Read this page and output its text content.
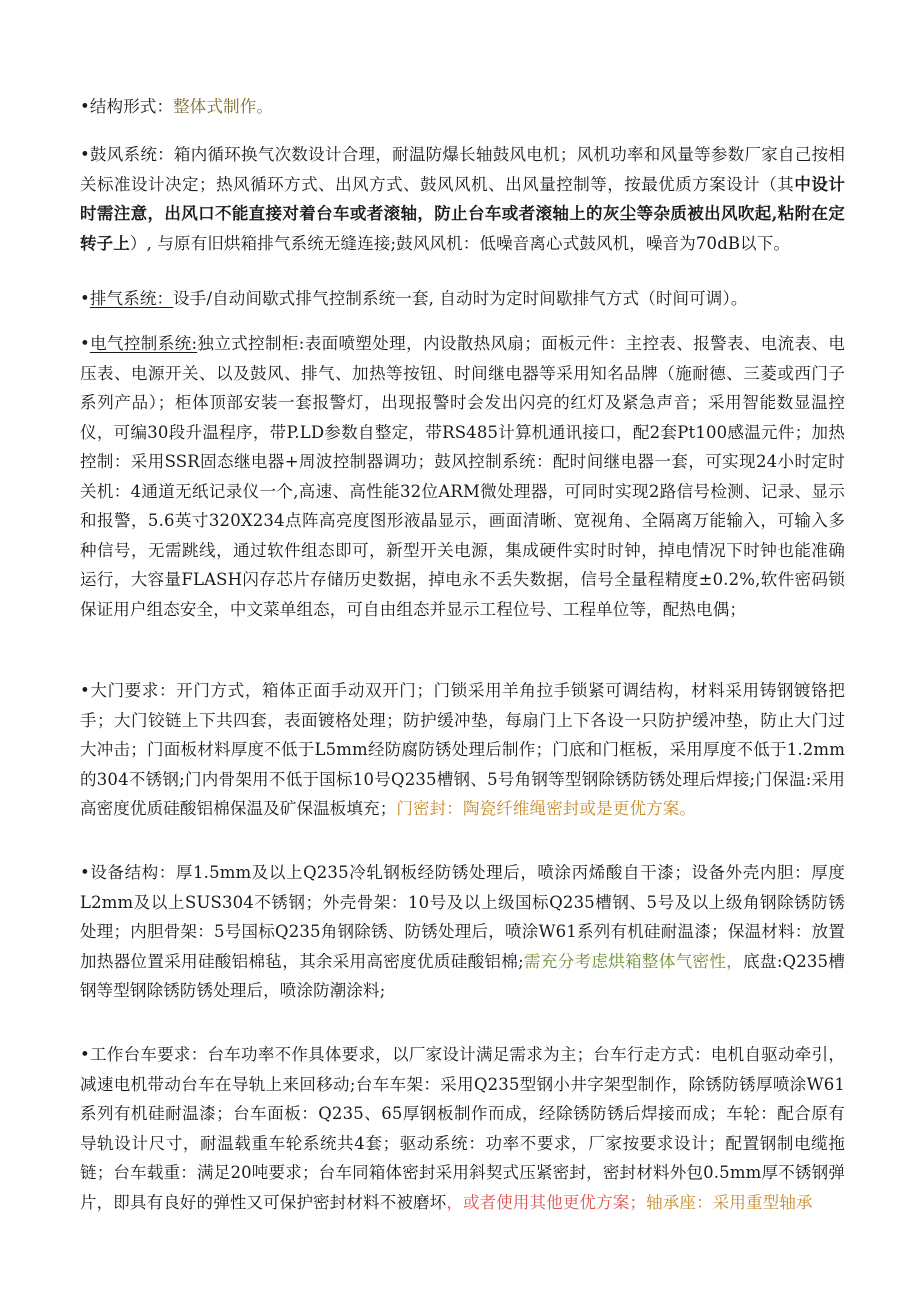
•结构形式：整体式制作。

•鼓风系统：箱内循环换气次数设计合理，耐温防爆长轴鼓风电机；风机功率和风量等参数厂家自己按相关标准设计决定；热风循环方式、出风方式、鼓风风机、出风量控制等，按最优质方案设计（其中设计时需注意，出风口不能直接对着台车或者滚轴，防止台车或者滚轴上的灰尘等杂质被出风吹起,粘附在定转子上）, 与原有旧烘箱排气系统无缝连接;鼓风风机：低噪音离心式鼓风机，噪音为70dB以下。

•排气系统：设手/自动间歇式排气控制系统一套, 自动时为定时间歇排气方式（时间可调）。

•电气控制系统:独立式控制柜:表面喷塑处理，内设散热风扇；面板元件：主控表、报警表、电流表、电压表、电源开关、以及鼓风、排气、加热等按钮、时间继电器等采用知名品牌（施耐德、三菱或西门子系列产品）；柜体顶部安装一套报警灯，出现报警时会发出闪亮的红灯及紧急声音；采用智能数显温控仪，可编30段升温程序，带P.LD参数自整定，带RS485计算机通讯接口，配2套Pt100感温元件；加热控制：采用SSR固态继电器+周波控制器调功；鼓风控制系统：配时间继电器一套，可实现24小时定时关机：4通道无纸记录仪一个,高速、高性能32位ARM微处理器，可同时实现2路信号检测、记录、显示和报警，5.6英寸320X234点阵高亮度图形液晶显示，画面清晰、宽视角、全隔离万能输入，可输入多种信号，无需跳线，通过软件组态即可，新型开关电源，集成硬件实时时钟，掉电情况下时钟也能准确运行，大容量FLASH闪存芯片存储历史数据，掉电永不丢失数据，信号全量程精度±0.2%,软件密码锁保证用户组态安全，中文菜单组态，可自由组态并显示工程位号、工程单位等，配热电偶；

•大门要求：开门方式，箱体正面手动双开门；门锁采用羊角拉手锁紧可调结构，材料采用铸钢镀铬把手；大门铰链上下共四套，表面镀格处理；防护缓冲垫，每扇门上下各设一只防护缓冲垫，防止大门过大冲击；门面板材料厚度不低于L5mm经防腐防锈处理后制作；门底和门框板，采用厚度不低于1.2mm的304不锈钢;门内骨架用不低于国标10号Q235槽钢、5号角钢等型钢除锈防锈处理后焊接;门保温:采用高密度优质硅酸铝棉保温及矿保温板填充；门密封：陶瓷纤维绳密封或是更优方案。

•设备结构：厚1.5mm及以上Q235冷轧钢板经防锈处理后，喷涂丙烯酸自干漆；设备外壳内胆：厚度L2mm及以上SUS304不锈钢；外壳骨架：10号及以上级国标Q235槽钢、5号及以上级角钢除锈防锈处理；内胆骨架：5号国标Q235角钢除锈、防锈处理后，喷涂W61系列有机硅耐温漆；保温材料：放置加热器位置采用硅酸铝棉毡，其余采用高密度优质硅酸铝棉;需充分考虑烘箱整体气密性，底盘:Q235槽钢等型钢除锈防锈处理后，喷涂防潮涂料;

•工作台车要求：台车功率不作具体要求，以厂家设计满足需求为主；台车行走方式：电机自驱动牵引，减速电机带动台车在导轨上来回移动;台车车架：采用Q235型钢小井字架型制作，除锈防锈厚喷涂W61系列有机硅耐温漆；台车面板：Q235、65厚钢板制作而成，经除锈防锈后焊接而成；车轮：配合原有导轨设计尺寸，耐温载重车轮系统共4套；驱动系统：功率不要求，厂家按要求设计；配置钢制电缆拖链；台车载重：满足20吨要求；台车同箱体密封采用斜契式压紧密封，密封材料外包0.5mm厚不锈钢弹片，即具有良好的弹性又可保护密封材料不被磨坏，或者使用其他更优方案；轴承座：采用重型轴承
